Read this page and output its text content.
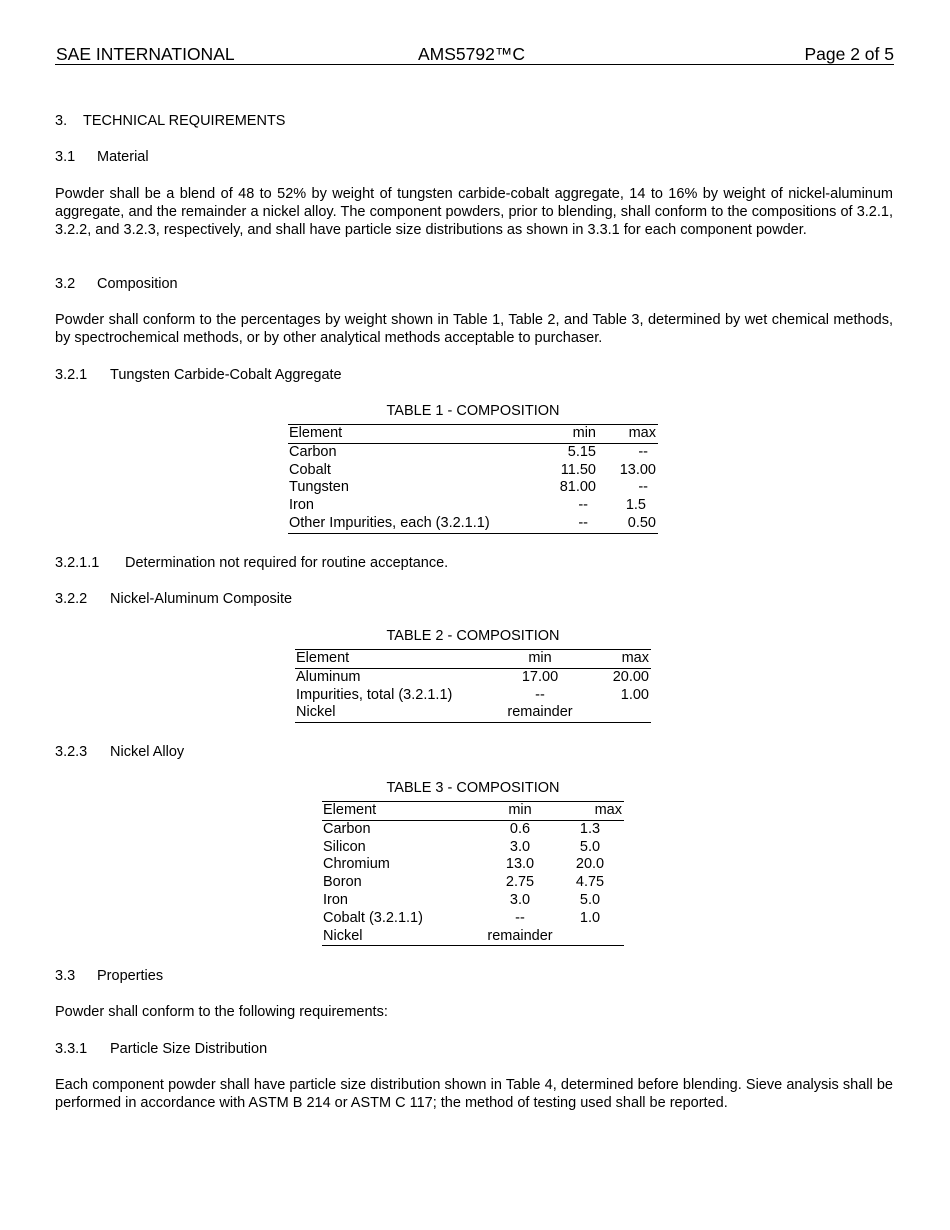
SAE INTERNATIONAL	AMS5792™C	Page 2 of 5
3. TECHNICAL REQUIREMENTS
3.1 Material

Powder shall be a blend of 48 to 52% by weight of tungsten carbide-cobalt aggregate, 14 to 16% by weight of nickel-aluminum aggregate, and the remainder a nickel alloy. The component powders, prior to blending, shall conform to the compositions of 3.2.1, 3.2.2, and 3.2.3, respectively, and shall have particle size distributions as shown in 3.3.1 for each component powder.

3.2 Composition

Powder shall conform to the percentages by weight shown in Table 1, Table 2, and Table 3, determined by wet chemical methods, by spectrochemical methods, or by other analytical methods acceptable to purchaser.

3.2.1 Tungsten Carbide-Cobalt Aggregate
TABLE 1 - COMPOSITION
Element	min	max
Carbon	5.15	--
Cobalt	11.50	13.00
Tungsten	81.00	--
Iron	--	1.5
Other Impurities, each (3.2.1.1)	--	0.50
3.2.1.1 Determination not required for routine acceptance.
3.2.2 Nickel-Aluminum Composite
TABLE 2 - COMPOSITION
Element	min	max
Aluminum	17.00	20.00
Impurities, total (3.2.1.1)	--	1.00
Nickel	remainder	
3.2.3 Nickel Alloy
TABLE 3 - COMPOSITION
Element	min	max
Carbon	0.6	1.3
Silicon	3.0	5.0
Chromium	13.0	20.0
Boron	2.75	4.75
Iron	3.0	5.0
Cobalt (3.2.1.1)	--	1.0
Nickel	remainder	
3.3 Properties

Powder shall conform to the following requirements:

3.3.1 Particle Size Distribution

Each component powder shall have particle size distribution shown in Table 4, determined before blending. Sieve analysis shall be performed in accordance with ASTM B 214 or ASTM C 117; the method of testing used shall be reported.
